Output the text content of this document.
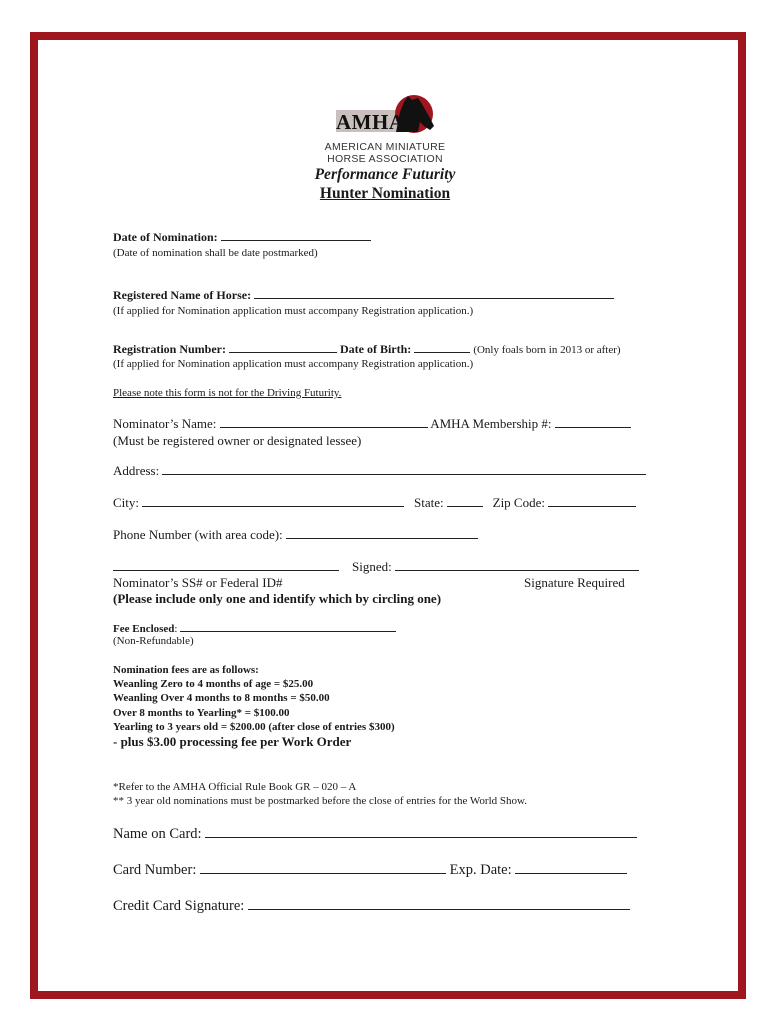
AMHA
AMERICAN MINIATURE
HORSE ASSOCIATION
Performance Futurity
Hunter Nomination
Date of Nomination:
(Date of nomination shall be date postmarked)
Registered Name of Horse:
(If applied for Nomination application must accompany Registration application.)
Registration Number:	Date of Birth:	(Only foals born in 2013 or after)
(If applied for Nomination application must accompany Registration application.)
Please note this form is not for the Driving Futurity.
Nominator’s Name:	AMHA Membership #:
(Must be registered owner or designated lessee)
Address:
City:	State:	Zip Code:
Phone Number (with area code):
Signed:
Nominator’s SS# or Federal ID#	Signature Required
(Please include only one and identify which by circling one)
Fee Enclosed:
(Non-Refundable)
Nomination fees are as follows:
Weanling Zero to 4 months of age = $25.00
Weanling Over 4 months to 8 months = $50.00
Over 8 months to Yearling* = $100.00
Yearling to 3 years old = $200.00 (after close of entries $300)
- plus $3.00 processing fee per Work Order
*Refer to the AMHA Official Rule Book GR – 020 – A
** 3 year old nominations must be postmarked before the close of entries for the World Show.
Name on Card:
Card Number:	Exp. Date:
Credit Card Signature:
